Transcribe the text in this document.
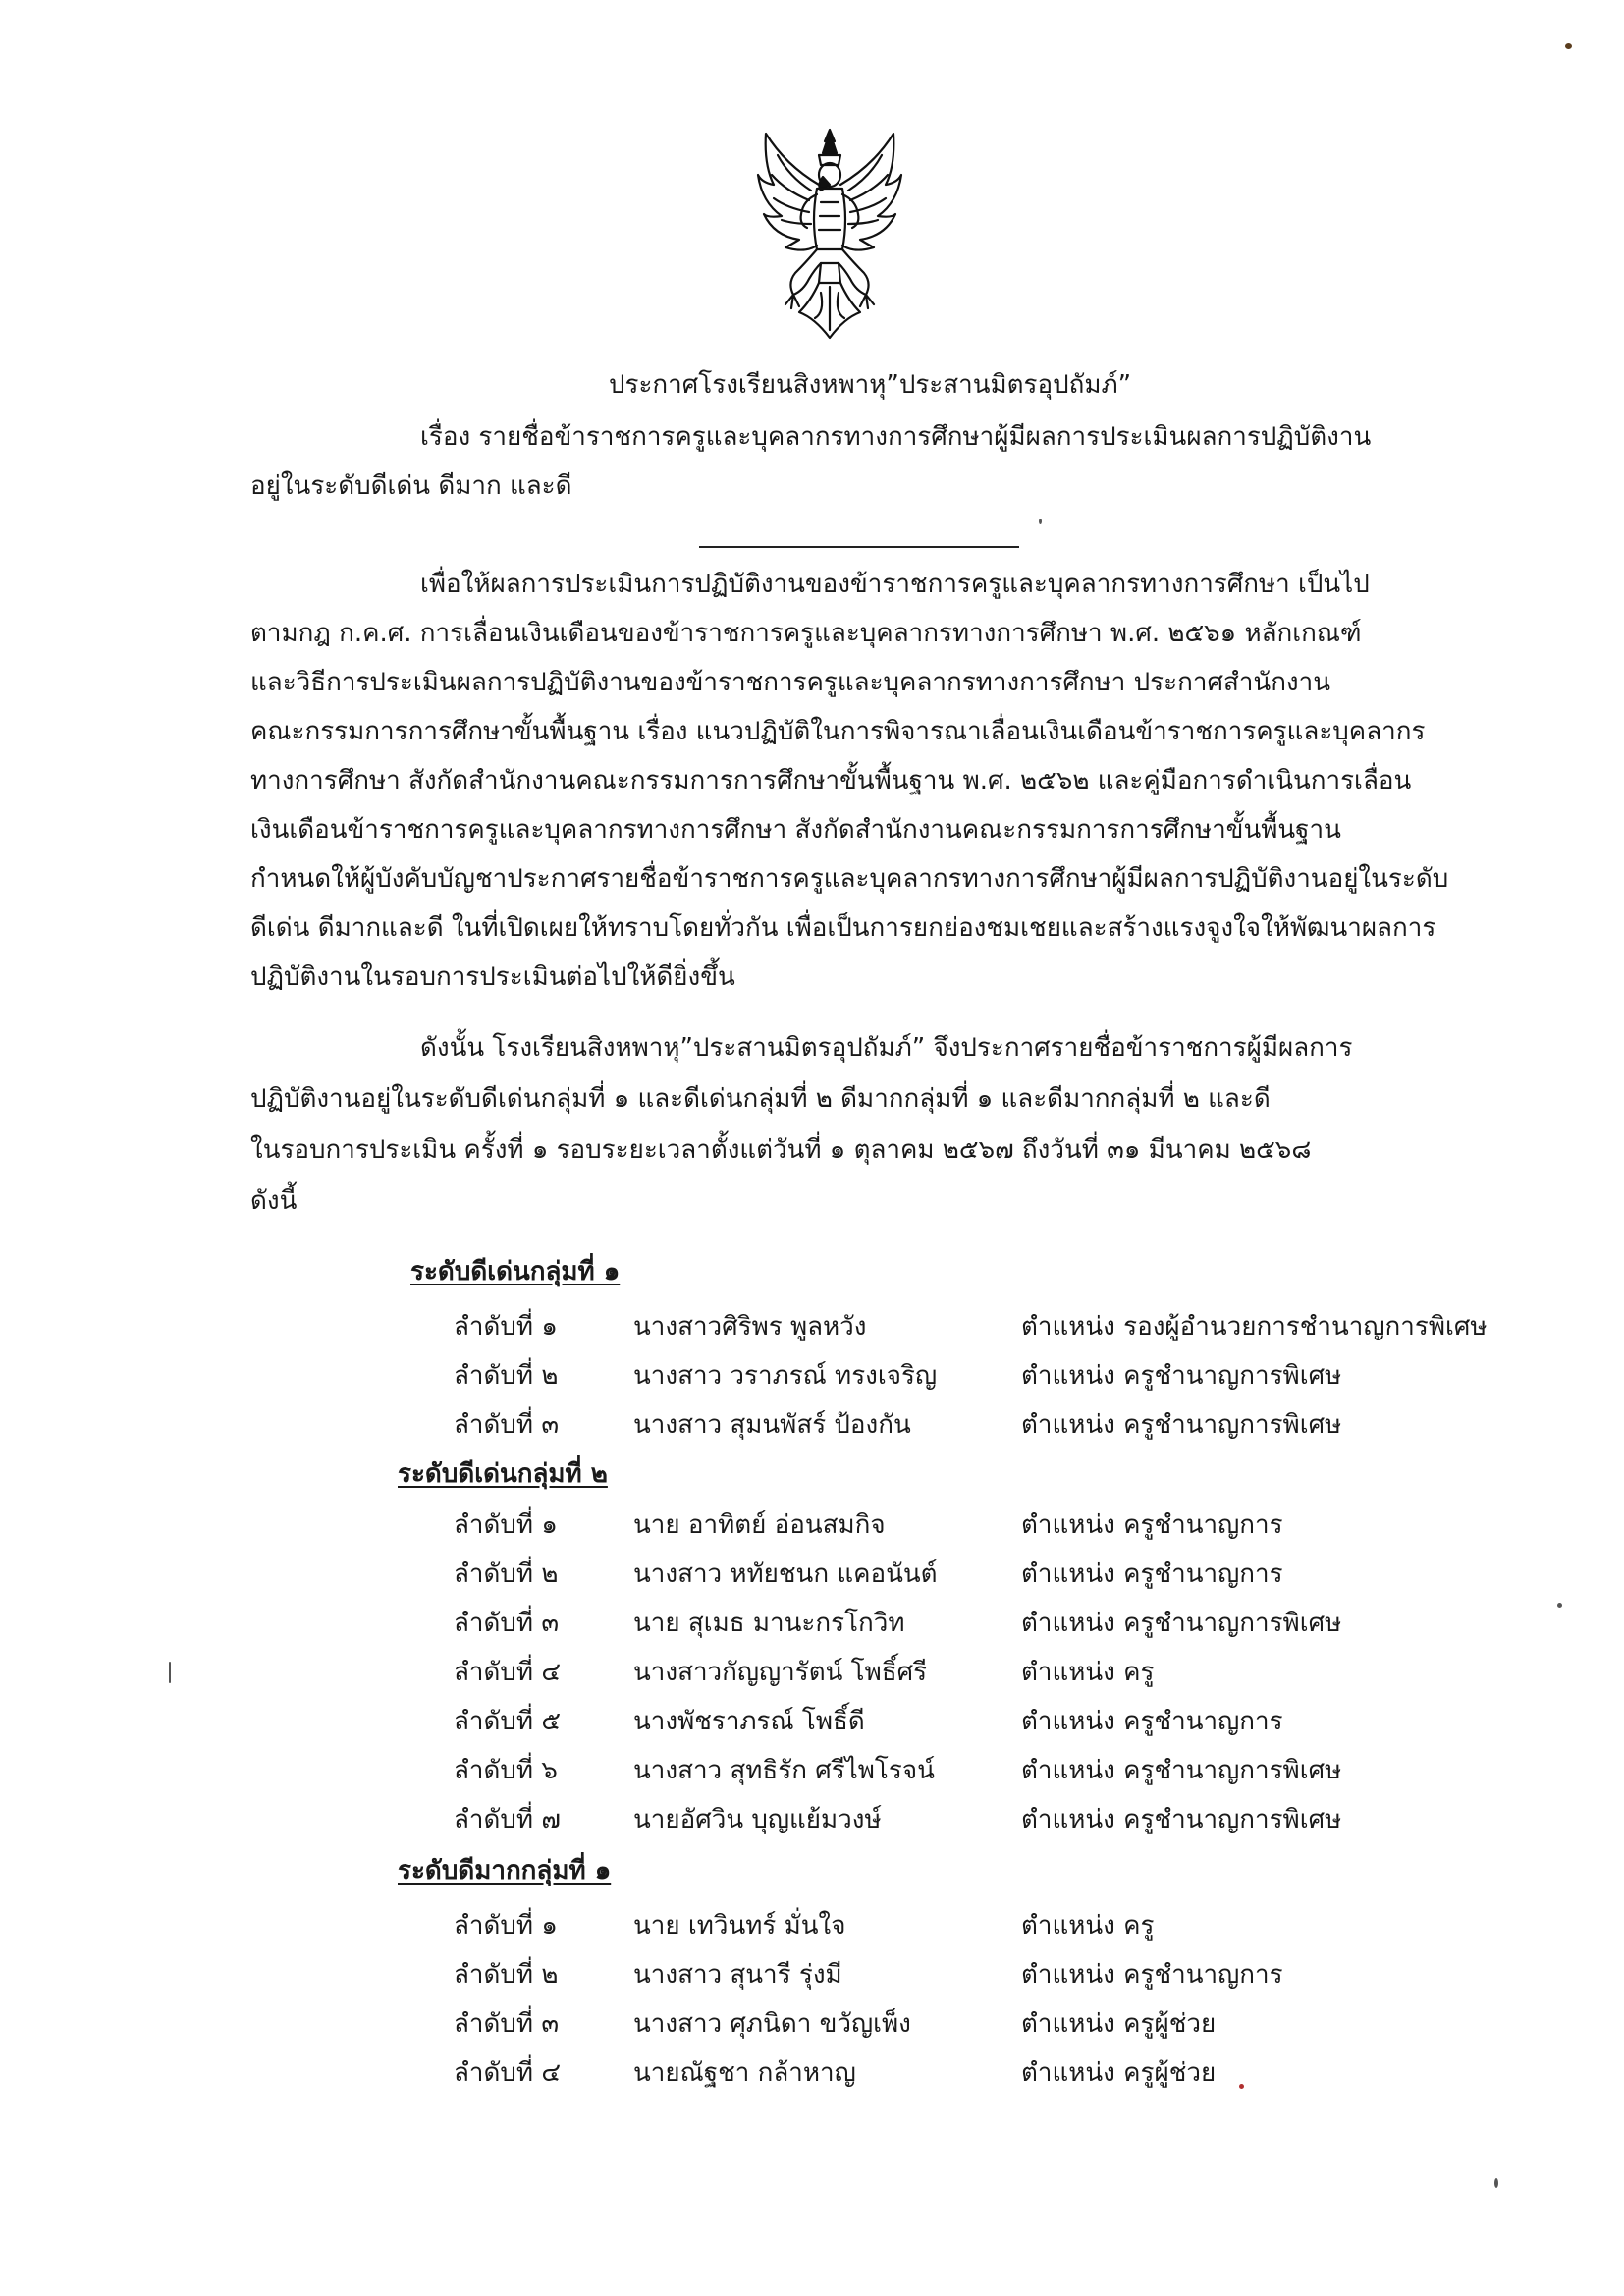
ประกาศโรงเรียนสิงหพาหุ”ประสานมิตรอุปถัมภ์”
เรื่อง รายชื่อข้าราชการครูและบุคลากรทางการศึกษาผู้มีผลการประเมินผลการปฏิบัติงาน
อยู่ในระดับดีเด่น ดีมาก และดี
เพื่อให้ผลการประเมินการปฏิบัติงานของข้าราชการครูและบุคลากรทางการศึกษา เป็นไป
ตามกฎ ก.ค.ศ. การเลื่อนเงินเดือนของข้าราชการครูและบุคลากรทางการศึกษา พ.ศ. ๒๕๖๑ หลักเกณฑ์
และวิธีการประเมินผลการปฏิบัติงานของข้าราชการครูและบุคลากรทางการศึกษา ประกาศสำนักงาน
คณะกรรมการการศึกษาขั้นพื้นฐาน เรื่อง แนวปฏิบัติในการพิจารณาเลื่อนเงินเดือนข้าราชการครูและบุคลากร
ทางการศึกษา สังกัดสำนักงานคณะกรรมการการศึกษาขั้นพื้นฐาน พ.ศ. ๒๕๖๒ และคู่มือการดำเนินการเลื่อน
เงินเดือนข้าราชการครูและบุคลากรทางการศึกษา สังกัดสำนักงานคณะกรรมการการศึกษาขั้นพื้นฐาน
กำหนดให้ผู้บังคับบัญชาประกาศรายชื่อข้าราชการครูและบุคลากรทางการศึกษาผู้มีผลการปฏิบัติงานอยู่ในระดับ
ดีเด่น ดีมากและดี ในที่เปิดเผยให้ทราบโดยทั่วกัน เพื่อเป็นการยกย่องชมเชยและสร้างแรงจูงใจให้พัฒนาผลการ
ปฏิบัติงานในรอบการประเมินต่อไปให้ดียิ่งขึ้น
ดังนั้น โรงเรียนสิงหพาหุ”ประสานมิตรอุปถัมภ์” จึงประกาศรายชื่อข้าราชการผู้มีผลการ
ปฏิบัติงานอยู่ในระดับดีเด่นกลุ่มที่ ๑ และดีเด่นกลุ่มที่ ๒ ดีมากกลุ่มที่ ๑ และดีมากกลุ่มที่ ๒ และดี
ในรอบการประเมิน ครั้งที่ ๑ รอบระยะเวลาตั้งแต่วันที่ ๑ ตุลาคม ๒๕๖๗ ถึงวันที่ ๓๑ มีนาคม ๒๕๖๘
ดังนี้
ระดับดีเด่นกลุ่มที่ ๑
ลำดับที่ ๑	นางสาวศิริพร พูลหวัง	ตำแหน่ง รองผู้อำนวยการชำนาญการพิเศษ
ลำดับที่ ๒	นางสาว วราภรณ์ ทรงเจริญ	ตำแหน่ง ครูชำนาญการพิเศษ
ลำดับที่ ๓	นางสาว สุมนพัสร์ ป้องกัน	ตำแหน่ง ครูชำนาญการพิเศษ
ระดับดีเด่นกลุ่มที่ ๒
ลำดับที่ ๑	นาย อาทิตย์ อ่อนสมกิจ	ตำแหน่ง ครูชำนาญการ
ลำดับที่ ๒	นางสาว หทัยชนก แคอนันต์	ตำแหน่ง ครูชำนาญการ
ลำดับที่ ๓	นาย สุเมธ มานะกรโกวิท	ตำแหน่ง ครูชำนาญการพิเศษ
ลำดับที่ ๔	นางสาวกัญญารัตน์ โพธิ์ศรี	ตำแหน่ง ครู
ลำดับที่ ๕	นางพัชราภรณ์ โพธิ์ดี	ตำแหน่ง ครูชำนาญการ
ลำดับที่ ๖	นางสาว สุทธิรัก ศรีไพโรจน์	ตำแหน่ง ครูชำนาญการพิเศษ
ลำดับที่ ๗	นายอัศวิน บุญแย้มวงษ์	ตำแหน่ง ครูชำนาญการพิเศษ
ระดับดีมากกลุ่มที่ ๑
ลำดับที่ ๑	นาย เทวินทร์ มั่นใจ	ตำแหน่ง ครู
ลำดับที่ ๒	นางสาว สุนารี รุ่งมี	ตำแหน่ง ครูชำนาญการ
ลำดับที่ ๓	นางสาว ศุภนิดา ขวัญเพ็ง	ตำแหน่ง ครูผู้ช่วย
ลำดับที่ ๔	นายณัฐชา กล้าหาญ	ตำแหน่ง ครูผู้ช่วย
